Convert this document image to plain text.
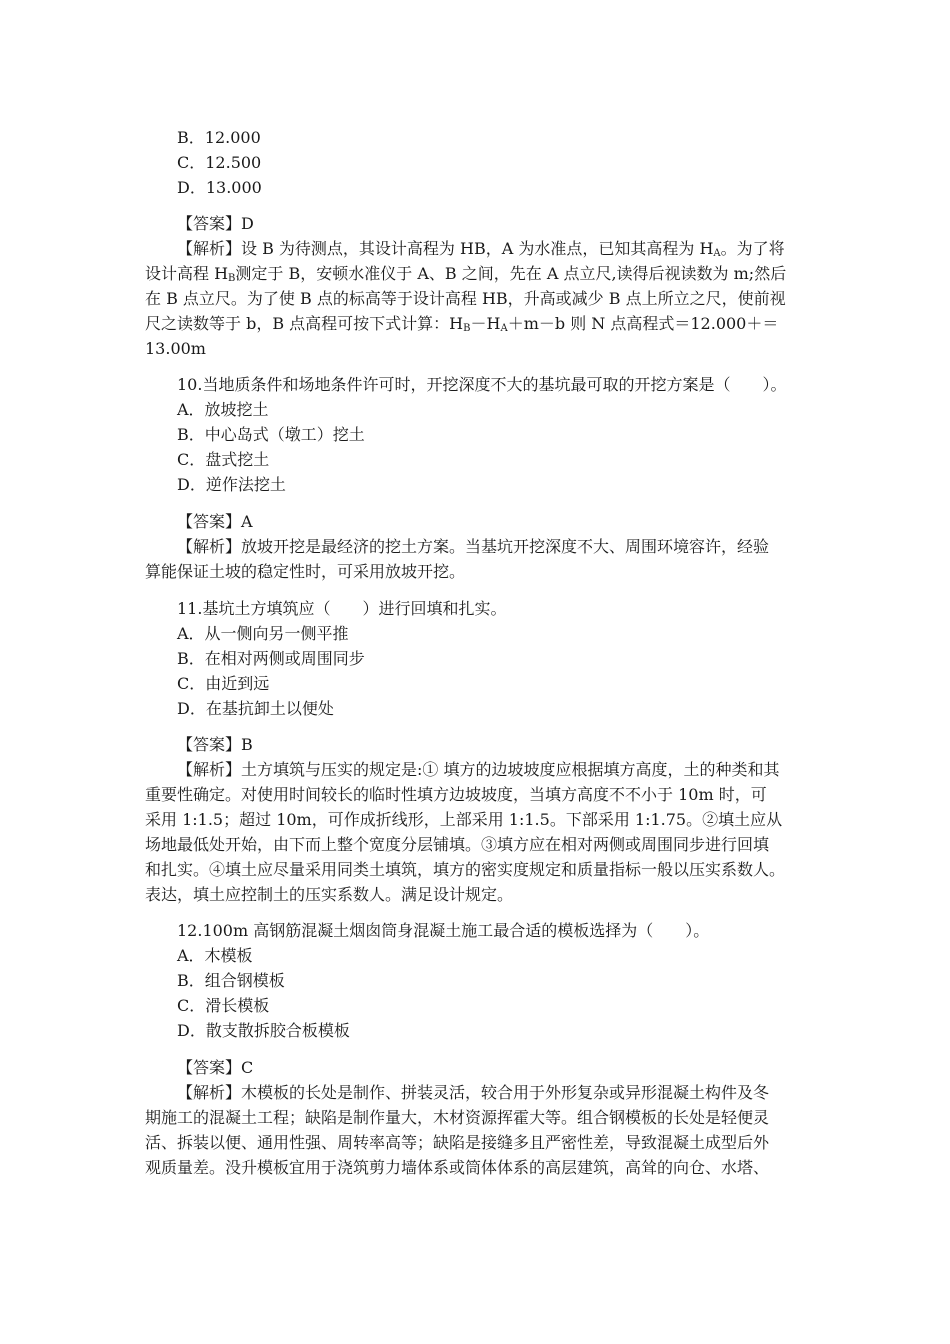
B．12.000
C．12.500
D．13.000
【答案】D
【解析】设 B 为待测点，其设计高程为 HB，A 为水准点，已知其高程为 $H_A$。为了将
设计高程 $H_B$测定于 B，安顿水准仪于 A、B 之间，先在 A 点立尺,读得后视读数为 m;然后
在 B 点立尺。为了使 B 点的标高等于设计高程 HB，升高或减少 B 点上所立之尺，使前视
尺之读数等于 b，B 点高程可按下式计算：$H_B-H_A+m-b$ 则 N 点高程式＝12.000＋＝
13.00m
10.当地质条件和场地条件许可时，开挖深度不大的基坑最可取的开挖方案是（　　）。
A．放坡挖土
B．中心岛式（墩工）挖土
C．盘式挖土
D．逆作法挖土
【答案】A
【解析】放坡开挖是最经济的挖土方案。当基坑开挖深度不大、周围环境容许，经验
算能保证土坡的稳定性时，可采用放坡开挖。
11.基坑土方填筑应（　　）进行回填和扎实。
A．从一侧向另一侧平推
B．在相对两侧或周围同步
C．由近到远
D．在基抗卸土以便处
【答案】B
【解析】土方填筑与压实的规定是:① 填方的边坡坡度应根据填方高度，土的种类和其
重要性确定。对使用时间较长的临时性填方边坡坡度，当填方高度不不小于 10m 时，可
采用 1:1.5；超过 10m，可作成折线形，上部采用 1:1.5。下部采用 1:1.75。②填土应从
场地最低处开始，由下而上整个宽度分层铺填。③填方应在相对两侧或周围同步进行回填
和扎实。④填土应尽量采用同类土填筑，填方的密实度规定和质量指标一般以压实系数人。
表达，填土应控制土的压实系数人。满足设计规定。
12.100m 高钢筋混凝土烟囱筒身混凝土施工最合适的模板选择为（　　）。
A．木模板
B．组合钢模板
C．滑长模板
D．散支散拆胶合板模板
【答案】C
【解析】木模板的长处是制作、拼装灵活，较合用于外形复杂或异形混凝土构件及冬
期施工的混凝土工程；缺陷是制作量大，木材资源挥霍大等。组合钢模板的长处是轻便灵
活、拆装以便、通用性强、周转率高等；缺陷是接缝多且严密性差，导致混凝土成型后外
观质量差。没升模板宜用于浇筑剪力墙体系或筒体体系的高层建筑，高耸的向仓、水塔、
